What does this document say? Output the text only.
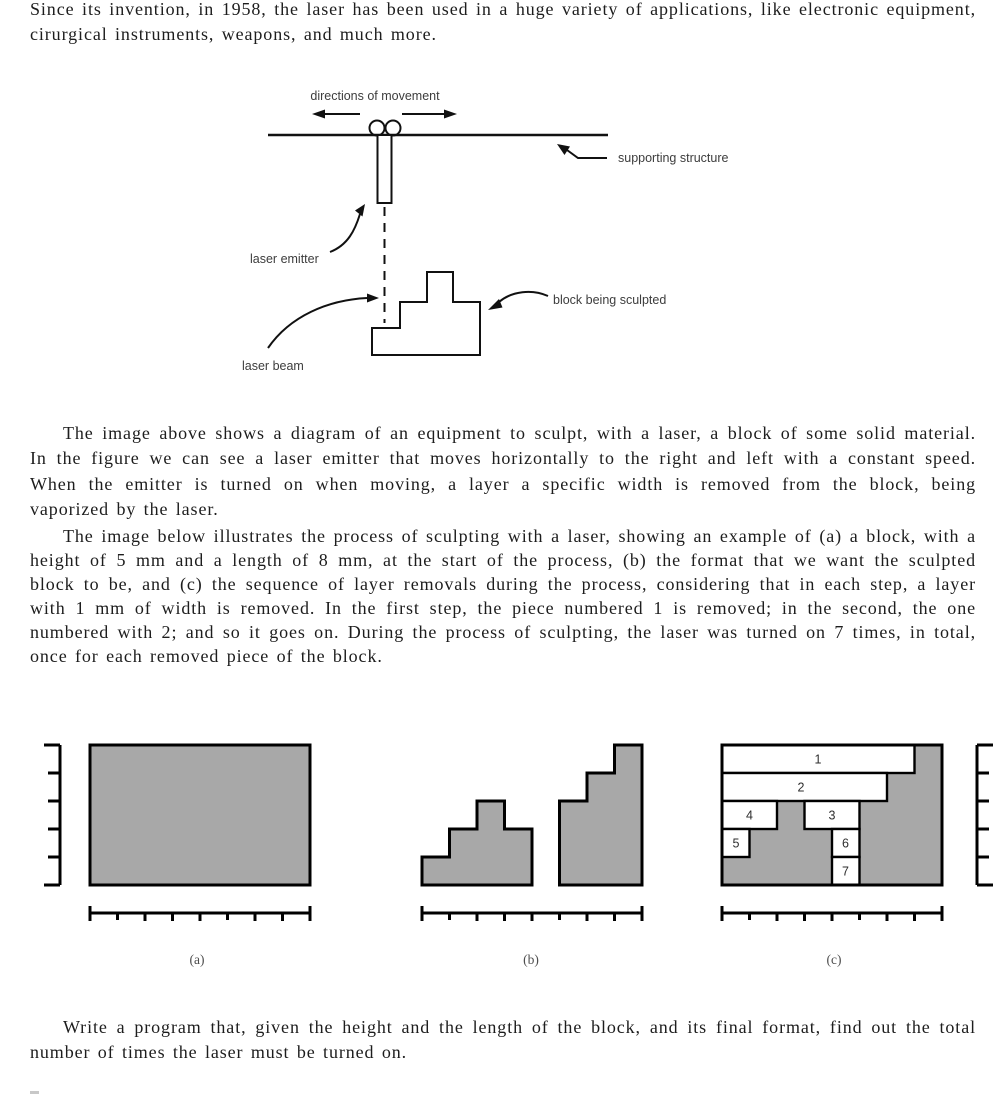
Since its invention, in 1958, the laser has been used in a huge variety of applications, like electronic equipment, cirurgical instruments, weapons, and much more.

directions of movement
supporting structure
laser emitter
block being sculpted
laser beam

The image above shows a diagram of an equipment to sculpt, with a laser, a block of some solid material. In the figure we can see a laser emitter that moves horizontally to the right and left with a constant speed. When the emitter is turned on when moving, a layer a specific width is removed from the block, being vaporized by the laser.

The image below illustrates the process of sculpting with a laser, showing an example of (a) a block, with a height of 5 mm and a length of 8 mm, at the start of the process, (b) the format that we want the sculpted block to be, and (c) the sequence of layer removals during the process, considering that in each step, a layer with 1 mm of width is removed. In the first step, the piece numbered 1 is removed; in the second, the one numbered with 2; and so it goes on. During the process of sculpting, the laser was turned on 7 times, in total, once for each removed piece of the block.

(a)	(b)
1
2
3
4
5	6
7
(c)

Write a program that, given the height and the length of the block, and its final format, find out the total number of times the laser must be turned on.
